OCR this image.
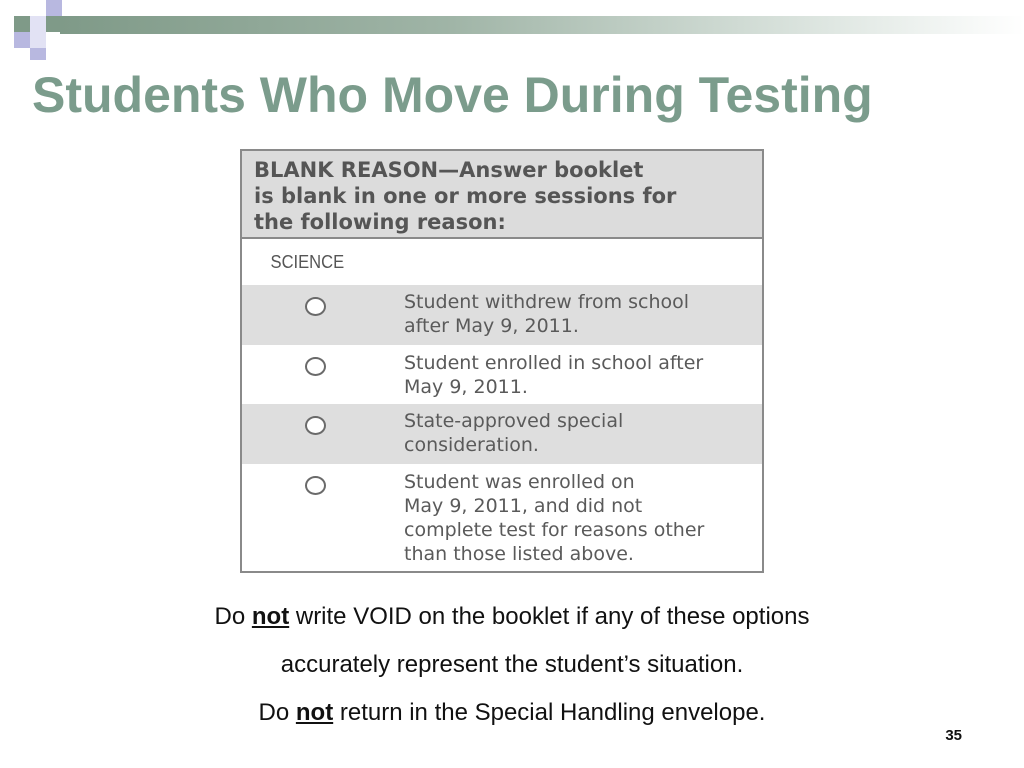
Students Who Move During Testing
BLANK REASON—Answer booklet
is blank in one or more sessions for
the following reason:
SCIENCE
Student withdrew from school
after May 9, 2011.
Student enrolled in school after
May 9, 2011.
State-approved special
consideration.
Student was enrolled on
May 9, 2011, and did not
complete test for reasons other
than those listed above.

Do not write VOID on the booklet if any of these options

accurately represent the student’s situation.

Do not return in the Special Handling envelope.

35
